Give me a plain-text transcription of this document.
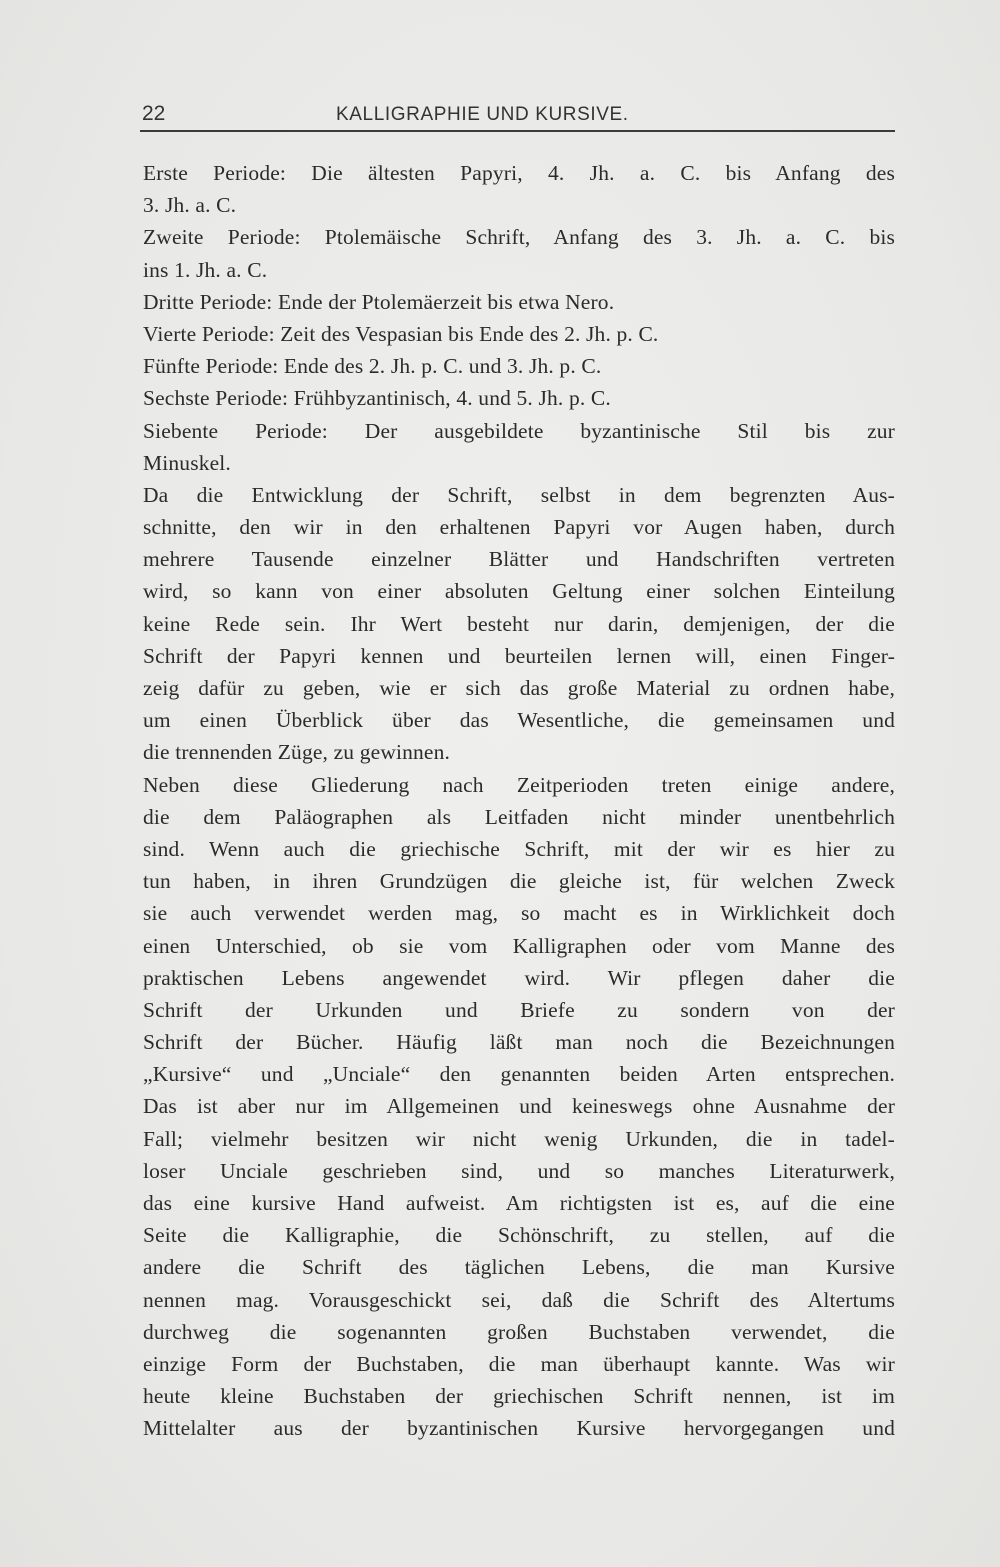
22	KALLIGRAPHIE UND KURSIVE.
Erste Periode: Die ältesten Papyri, 4. Jh. a. C. bis Anfang des
3. Jh. a. C.
Zweite Periode: Ptolemäische Schrift, Anfang des 3. Jh. a. C. bis
ins 1. Jh. a. C.
Dritte Periode: Ende der Ptolemäerzeit bis etwa Nero.
Vierte Periode: Zeit des Vespasian bis Ende des 2. Jh. p. C.
Fünfte Periode: Ende des 2. Jh. p. C. und 3. Jh. p. C.
Sechste Periode: Frühbyzantinisch, 4. und 5. Jh. p. C.
Siebente Periode: Der ausgebildete byzantinische Stil bis zur
Minuskel.
Da die Entwicklung der Schrift, selbst in dem begrenzten Aus-
schnitte, den wir in den erhaltenen Papyri vor Augen haben, durch
mehrere Tausende einzelner Blätter und Handschriften vertreten
wird, so kann von einer absoluten Geltung einer solchen Einteilung
keine Rede sein. Ihr Wert besteht nur darin, demjenigen, der die
Schrift der Papyri kennen und beurteilen lernen will, einen Finger-
zeig dafür zu geben, wie er sich das große Material zu ordnen habe,
um einen Überblick über das Wesentliche, die gemeinsamen und
die trennenden Züge, zu gewinnen.
Neben diese Gliederung nach Zeitperioden treten einige andere,
die dem Paläographen als Leitfaden nicht minder unentbehrlich
sind. Wenn auch die griechische Schrift, mit der wir es hier zu
tun haben, in ihren Grundzügen die gleiche ist, für welchen Zweck
sie auch verwendet werden mag, so macht es in Wirklichkeit doch
einen Unterschied, ob sie vom Kalligraphen oder vom Manne des
praktischen Lebens angewendet wird. Wir pflegen daher die
Schrift der Urkunden und Briefe zu sondern von der
Schrift der Bücher. Häufig läßt man noch die Bezeichnungen
„Kursive“ und „Unciale“ den genannten beiden Arten entsprechen.
Das ist aber nur im Allgemeinen und keineswegs ohne Ausnahme der
Fall; vielmehr besitzen wir nicht wenig Urkunden, die in tadel-
loser Unciale geschrieben sind, und so manches Literaturwerk,
das eine kursive Hand aufweist. Am richtigsten ist es, auf die eine
Seite die Kalligraphie, die Schönschrift, zu stellen, auf die
andere die Schrift des täglichen Lebens, die man Kursive
nennen mag. Vorausgeschickt sei, daß die Schrift des Altertums
durchweg die sogenannten großen Buchstaben verwendet, die
einzige Form der Buchstaben, die man überhaupt kannte. Was wir
heute kleine Buchstaben der griechischen Schrift nennen, ist im
Mittelalter aus der byzantinischen Kursive hervorgegangen und
